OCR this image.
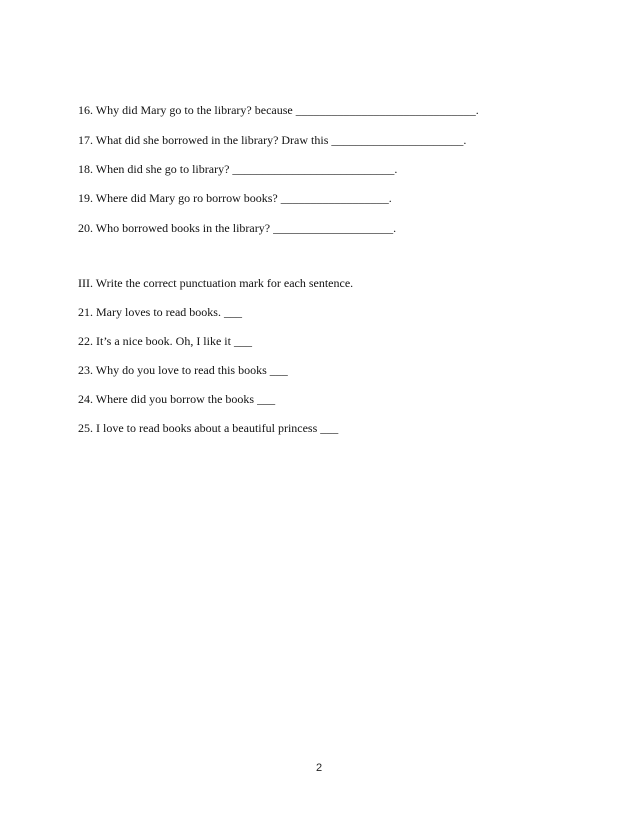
16. Why did Mary go to the library? because ______________________________.
17. What did she borrowed in the library? Draw this ______________________.
18. When did she go to library? ___________________________.
19. Where did Mary go ro borrow books? __________________.
20. Who borrowed books in the library? ____________________.
III. Write the correct punctuation mark for each sentence.
21. Mary loves to read books. ___
22. It’s a nice book. Oh, I like it ___
23. Why do you love to read this books ___
24. Where did you borrow the books ___
25. I love to read books about a beautiful princess ___
2
